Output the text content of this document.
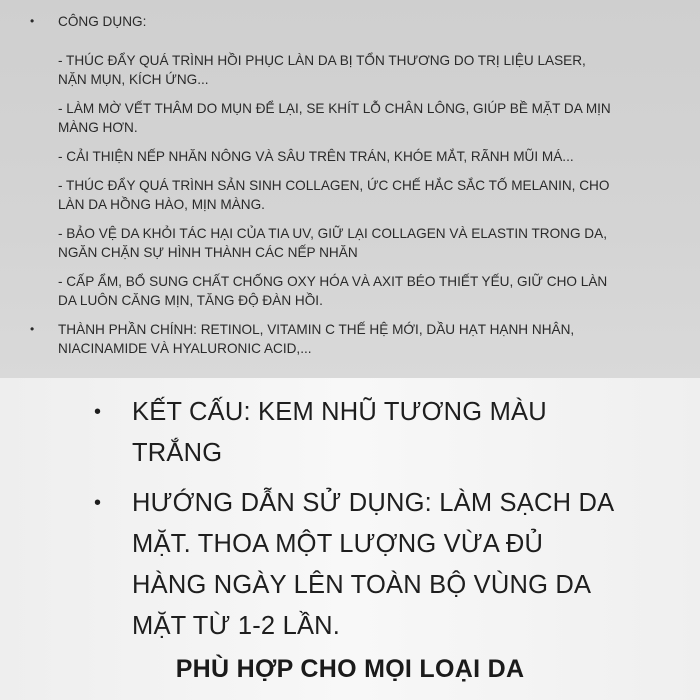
• CÔNG DỤNG:
- THÚC ĐẨY QUÁ TRÌNH HỒI PHỤC LÀN DA BỊ TỔN THƯƠNG DO TRỊ LIỆU LASER,
NẶN MỤN, KÍCH ỨNG...
- LÀM MỜ VẾT THÂM DO MỤN ĐỂ LẠI, SE KHÍT LỖ CHÂN LÔNG, GIÚP BỀ MẶT DA MỊN
MÀNG HƠN.
- CẢI THIỆN NẾP NHĂN NÔNG VÀ SÂU TRÊN TRÁN, KHÓE MẮT, RÃNH MŨI MÁ...
- THÚC ĐẨY QUÁ TRÌNH SẢN SINH COLLAGEN, ỨC CHẾ HẮC SẮC TỐ MELANIN, CHO
LÀN DA HỒNG HÀO, MỊN MÀNG.
- BẢO VỆ DA KHỎI TÁC HẠI CỦA TIA UV, GIỮ LẠI COLLAGEN VÀ ELASTIN TRONG DA,
NGĂN CHẶN SỰ HÌNH THÀNH CÁC NẾP NHĂN
- CẤP ẨM, BỔ SUNG CHẤT CHỐNG OXY HÓA VÀ AXIT BÉO THIẾT YẾU, GIỮ CHO LÀN
DA LUÔN CĂNG MỊN, TĂNG ĐỘ ĐÀN HỒI.
• THÀNH PHẦN CHÍNH: RETINOL, VITAMIN C THẾ HỆ MỚI, DẦU HẠT HẠNH NHÂN,
NIACINAMIDE VÀ HYALURONIC ACID,...
•	KẾT CẤU: KEM NHŨ TƯƠNG MÀU
TRẮNG
•	HƯỚNG DẪN SỬ DỤNG: LÀM SẠCH DA
MẶT. THOA MỘT LƯỢNG VỪA ĐỦ
HÀNG NGÀY LÊN TOÀN BỘ VÙNG DA
MẶT TỪ 1-2 LẦN.
PHÙ HỢP CHO MỌI LOẠI DA
